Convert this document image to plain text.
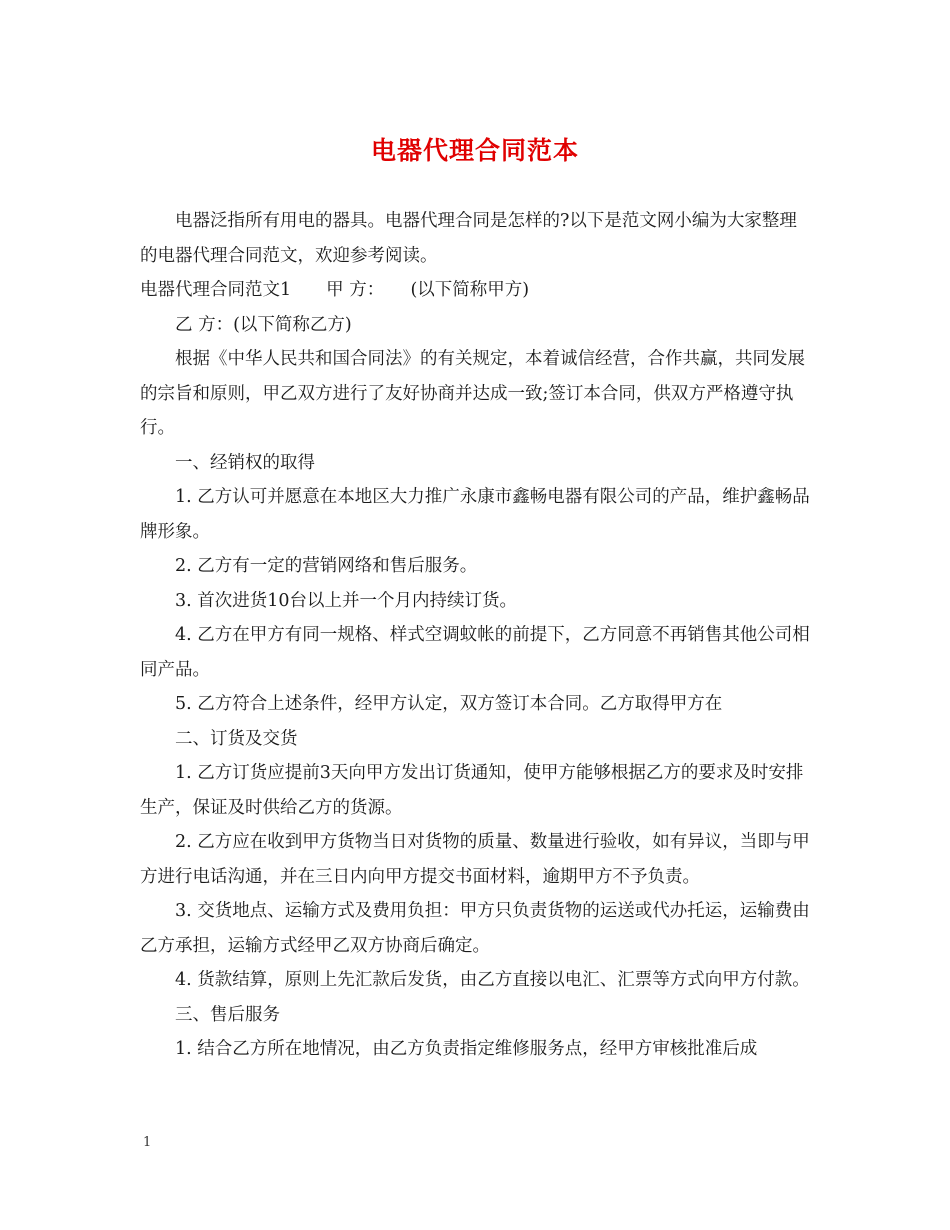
电器代理合同范本

电器泛指所有用电的器具。电器代理合同是怎样的?以下是范文网小编为大家整理的电器代理合同范文，欢迎参考阅读。

电器代理合同范文1　　甲 方：　　(以下简称甲方)

乙 方：(以下简称乙方)

根据《中华人民共和国合同法》的有关规定，本着诚信经营，合作共赢，共同发展的宗旨和原则，甲乙双方进行了友好协商并达成一致;签订本合同，供双方严格遵守执行。

一、经销权的取得

1. 乙方认可并愿意在本地区大力推广永康市鑫畅电器有限公司的产品，维护鑫畅品牌形象。

2. 乙方有一定的营销网络和售后服务。

3. 首次进货10台以上并一个月内持续订货。

4. 乙方在甲方有同一规格、样式空调蚊帐的前提下，乙方同意不再销售其他公司相同产品。

5. 乙方符合上述条件，经甲方认定，双方签订本合同。乙方取得甲方在

二、订货及交货

1. 乙方订货应提前3天向甲方发出订货通知，使甲方能够根据乙方的要求及时安排生产，保证及时供给乙方的货源。

2. 乙方应在收到甲方货物当日对货物的质量、数量进行验收，如有异议，当即与甲方进行电话沟通，并在三日内向甲方提交书面材料，逾期甲方不予负责。

3. 交货地点、运输方式及费用负担：甲方只负责货物的运送或代办托运，运输费由乙方承担，运输方式经甲乙双方协商后确定。

4. 货款结算，原则上先汇款后发货，由乙方直接以电汇、汇票等方式向甲方付款。

三、售后服务

1. 结合乙方所在地情况，由乙方负责指定维修服务点，经甲方审核批准后成

1
